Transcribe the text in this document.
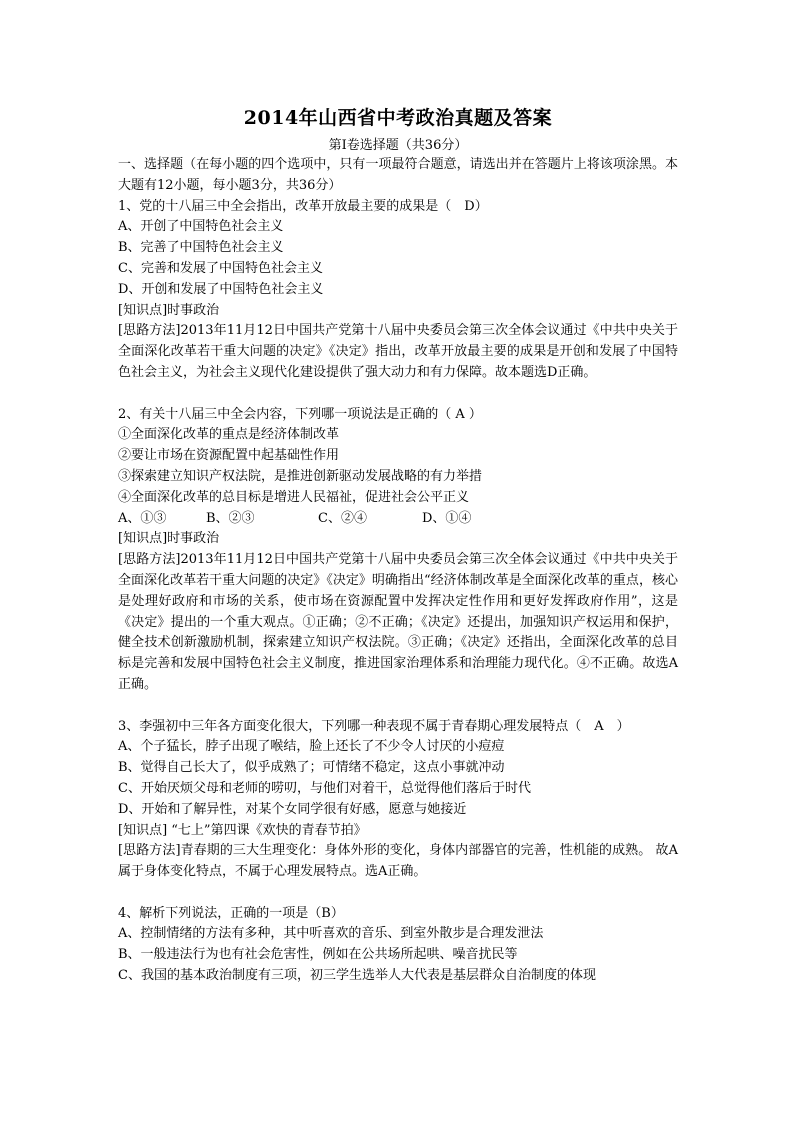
2014年山西省中考政治真题及答案
第Ⅰ卷选择题（共36分）
一、选择题（在每小题的四个选项中，只有一项最符合题意，请选出并在答题片上将该项涂黑。本大题有12小题，每小题3分，共36分）
1、党的十八届三中全会指出，改革开放最主要的成果是（　D）
A、开创了中国特色社会主义
B、完善了中国特色社会主义
C、完善和发展了中国特色社会主义
D、开创和发展了中国特色社会主义
[知识点]时事政治
[思路方法]2013年11月12日中国共产党第十八届中央委员会第三次全体会议通过《中共中央关于全面深化改革若干重大问题的决定》《决定》指出，改革开放最主要的成果是开创和发展了中国特色社会主义，为社会主义现代化建设提供了强大动力和有力保障。故本题选D正确。
2、有关十八届三中全会内容，下列哪一项说法是正确的（ A ）
①全面深化改革的重点是经济体制改革
②要让市场在资源配置中起基础性作用
③探索建立知识产权法院，是推进创新驱动发展战略的有力举措
④全面深化改革的总目标是增进人民福祉，促进社会公平正义
A、①③	B、②③	C、②④	D、①④
[知识点]时事政治
[思路方法]2013年11月12日中国共产党第十八届中央委员会第三次全体会议通过《中共中央关于全面深化改革若干重大问题的决定》《决定》明确指出“经济体制改革是全面深化改革的重点，核心是处理好政府和市场的关系，使市场在资源配置中发挥决定性作用和更好发挥政府作用”，这是《决定》提出的一个重大观点。①正确；②不正确；《决定》还提出，加强知识产权运用和保护，健全技术创新激励机制，探索建立知识产权法院。③正确；《决定》还指出，全面深化改革的总目标是完善和发展中国特色社会主义制度，推进国家治理体系和治理能力现代化。④不正确。故选A正确。
3、李强初中三年各方面变化很大，下列哪一种表现不属于青春期心理发展特点（　A　）
A、个子猛长，脖子出现了喉结，脸上还长了不少令人讨厌的小痘痘
B、觉得自己长大了，似乎成熟了；可情绪不稳定，这点小事就冲动
C、开始厌烦父母和老师的唠叨，与他们对着干，总觉得他们落后于时代
D、开始和了解异性，对某个女同学很有好感，愿意与她接近
[知识点] “七上”第四课《欢快的青春节拍》
[思路方法]青春期的三大生理变化：身体外形的变化，身体内部器官的完善，性机能的成熟。 故A属于身体变化特点，不属于心理发展特点。选A正确。
4、解析下列说法，正确的一项是（B）
A、控制情绪的方法有多种，其中听喜欢的音乐、到室外散步是合理发泄法
B、一般违法行为也有社会危害性，例如在公共场所起哄、噪音扰民等
C、我国的基本政治制度有三项，初三学生选举人大代表是基层群众自治制度的体现
